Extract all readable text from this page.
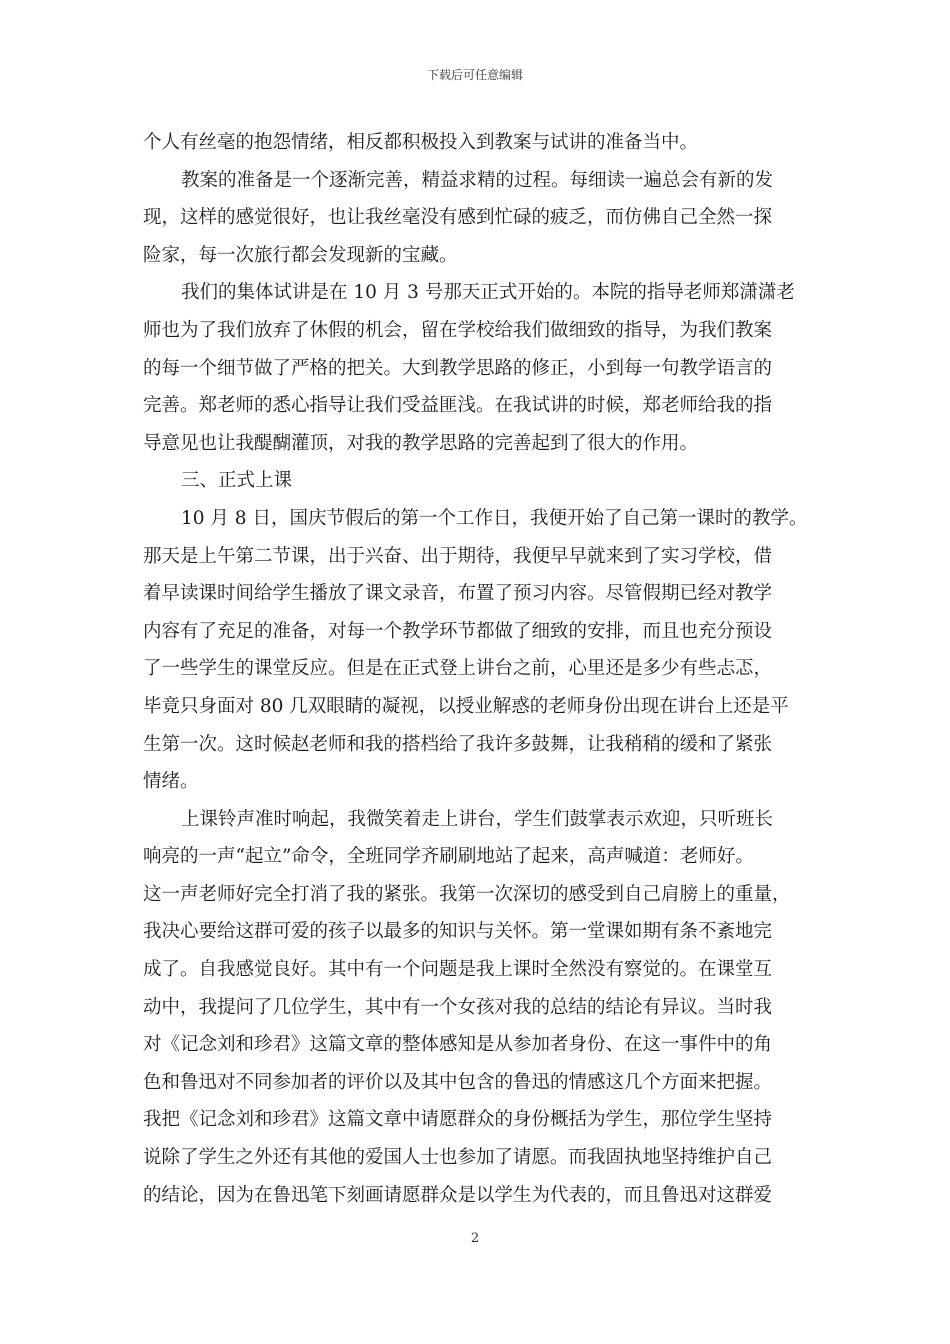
下载后可任意编辑
个人有丝毫的抱怨情绪，相反都积极投入到教案与试讲的准备当中。
教案的准备是一个逐渐完善，精益求精的过程。每细读一遍总会有新的发
现，这样的感觉很好，也让我丝毫没有感到忙碌的疲乏，而仿佛自己全然一探
险家，每一次旅行都会发现新的宝藏。
我们的集体试讲是在 10 月 3 号那天正式开始的。本院的指导老师郑潇潇老
师也为了我们放弃了休假的机会，留在学校给我们做细致的指导，为我们教案
的每一个细节做了严格的把关。大到教学思路的修正，小到每一句教学语言的
完善。郑老师的悉心指导让我们受益匪浅。在我试讲的时候，郑老师给我的指
导意见也让我醍醐灌顶，对我的教学思路的完善起到了很大的作用。
三、正式上课
10 月 8 日，国庆节假后的第一个工作日，我便开始了自己第一课时的教学。
那天是上午第二节课，出于兴奋、出于期待，我便早早就来到了实习学校，借
着早读课时间给学生播放了课文录音，布置了预习内容。尽管假期已经对教学
内容有了充足的准备，对每一个教学环节都做了细致的安排，而且也充分预设
了一些学生的课堂反应。但是在正式登上讲台之前，心里还是多少有些忐忑，
毕竟只身面对 80 几双眼睛的凝视，以授业解惑的老师身份出现在讲台上还是平
生第一次。这时候赵老师和我的搭档给了我许多鼓舞，让我稍稍的缓和了紧张
情绪。
上课铃声准时响起，我微笑着走上讲台，学生们鼓掌表示欢迎，只听班长
响亮的一声“起立”命令，全班同学齐刷刷地站了起来，高声喊道：老师好。
这一声老师好完全打消了我的紧张。我第一次深切的感受到自己肩膀上的重量，
我决心要给这群可爱的孩子以最多的知识与关怀。第一堂课如期有条不紊地完
成了。自我感觉良好。其中有一个问题是我上课时全然没有察觉的。在课堂互
动中，我提问了几位学生，其中有一个女孩对我的总结的结论有异议。当时我
对《记念刘和珍君》这篇文章的整体感知是从参加者身份、在这一事件中的角
色和鲁迅对不同参加者的评价以及其中包含的鲁迅的情感这几个方面来把握。
我把《记念刘和珍君》这篇文章中请愿群众的身份概括为学生，那位学生坚持
说除了学生之外还有其他的爱国人士也参加了请愿。而我固执地坚持维护自己
的结论，因为在鲁迅笔下刻画请愿群众是以学生为代表的，而且鲁迅对这群爱
2
